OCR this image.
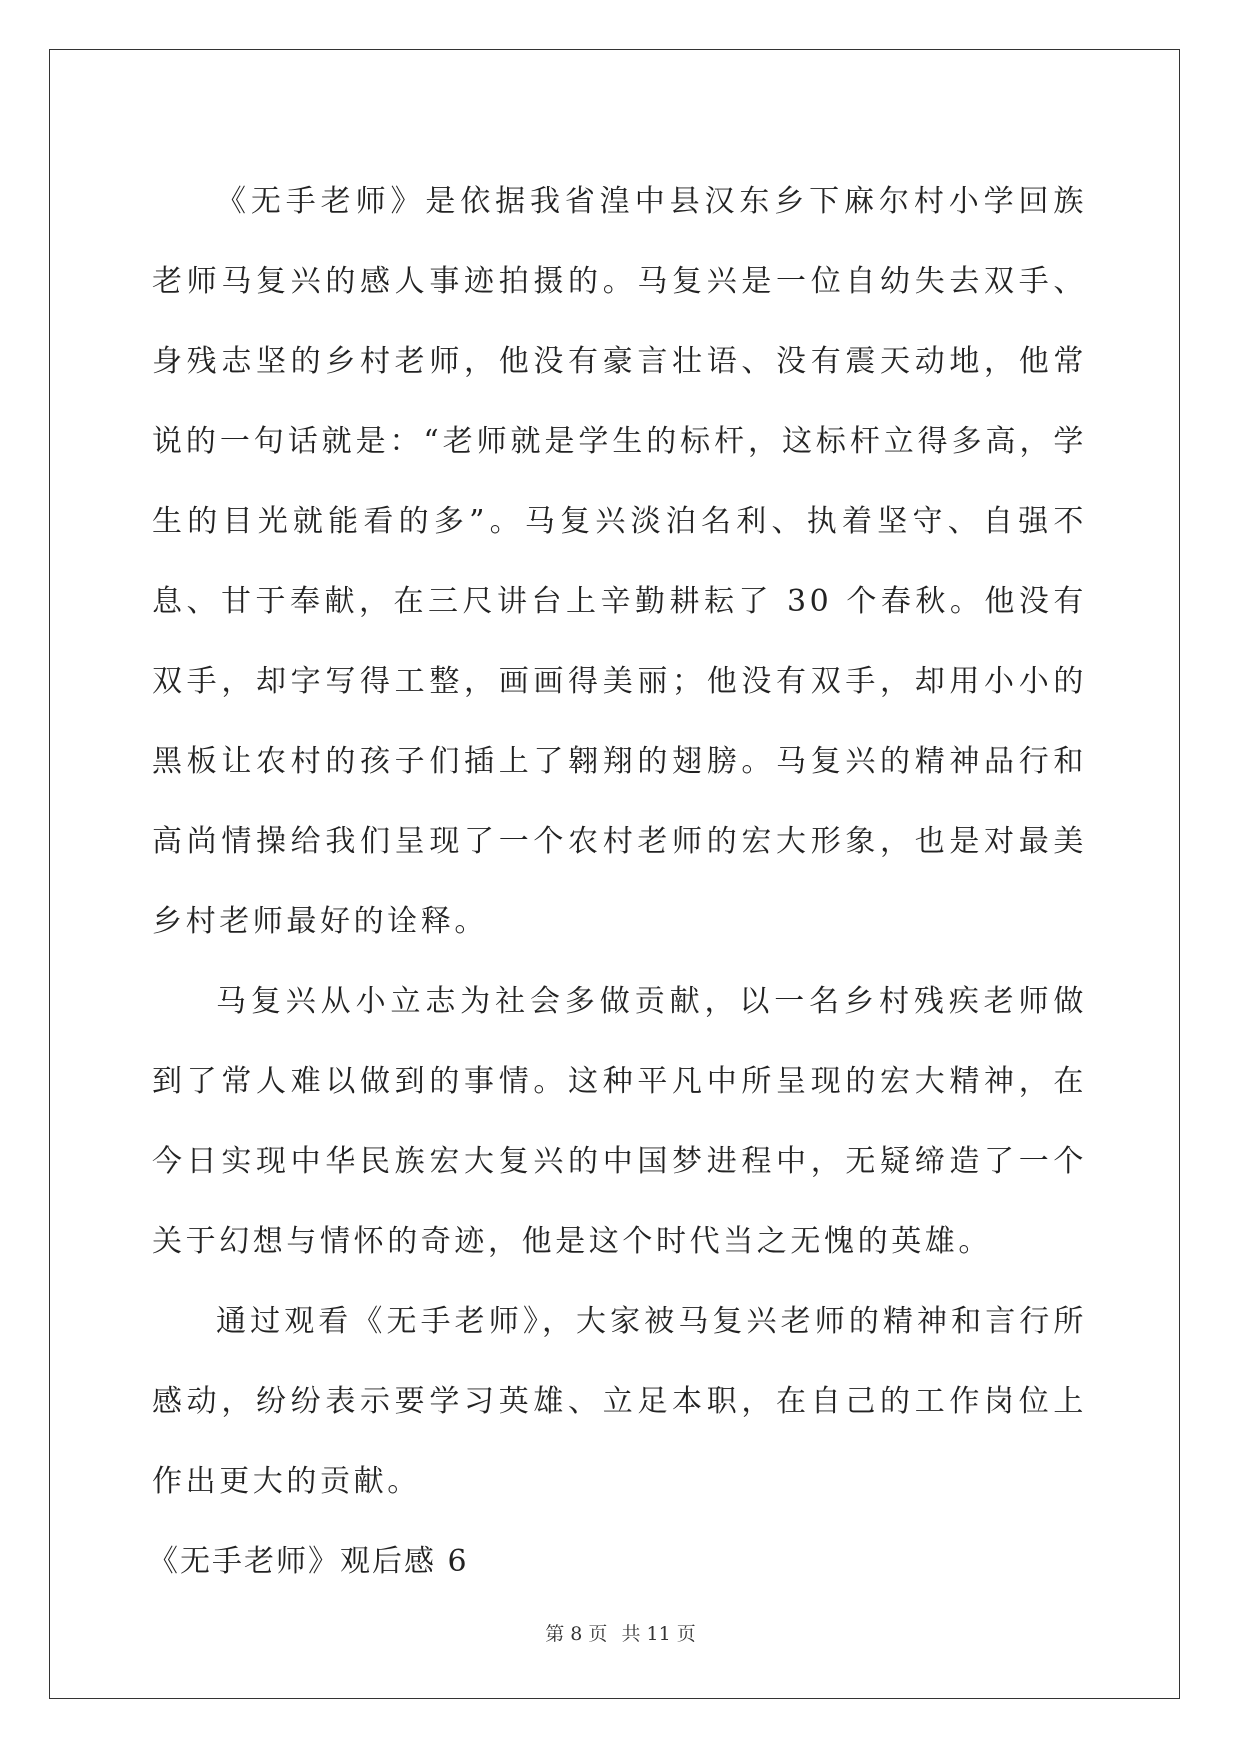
《无手老师》是依据我省湟中县汉东乡下麻尔村小学回族老师马复兴的感人事迹拍摄的。马复兴是一位自幼失去双手、身残志坚的乡村老师，他没有豪言壮语、没有震天动地，他常说的一句话就是：“老师就是学生的标杆，这标杆立得多高，学生的目光就能看的多”。马复兴淡泊名利、执着坚守、自强不息、甘于奉献，在三尺讲台上辛勤耕耘了 30 个春秋。他没有双手，却字写得工整，画画得美丽；他没有双手，却用小小的黑板让农村的孩子们插上了翱翔的翅膀。马复兴的精神品行和高尚情操给我们呈现了一个农村老师的宏大形象，也是对最美乡村老师最好的诠释。

马复兴从小立志为社会多做贡献，以一名乡村残疾老师做到了常人难以做到的事情。这种平凡中所呈现的宏大精神，在今日实现中华民族宏大复兴的中国梦进程中，无疑缔造了一个关于幻想与情怀的奇迹，他是这个时代当之无愧的英雄。

通过观看《无手老师》，大家被马复兴老师的精神和言行所感动，纷纷表示要学习英雄、立足本职，在自己的工作岗位上作出更大的贡献。

《无手老师》观后感 6

第 8 页 共 11 页
